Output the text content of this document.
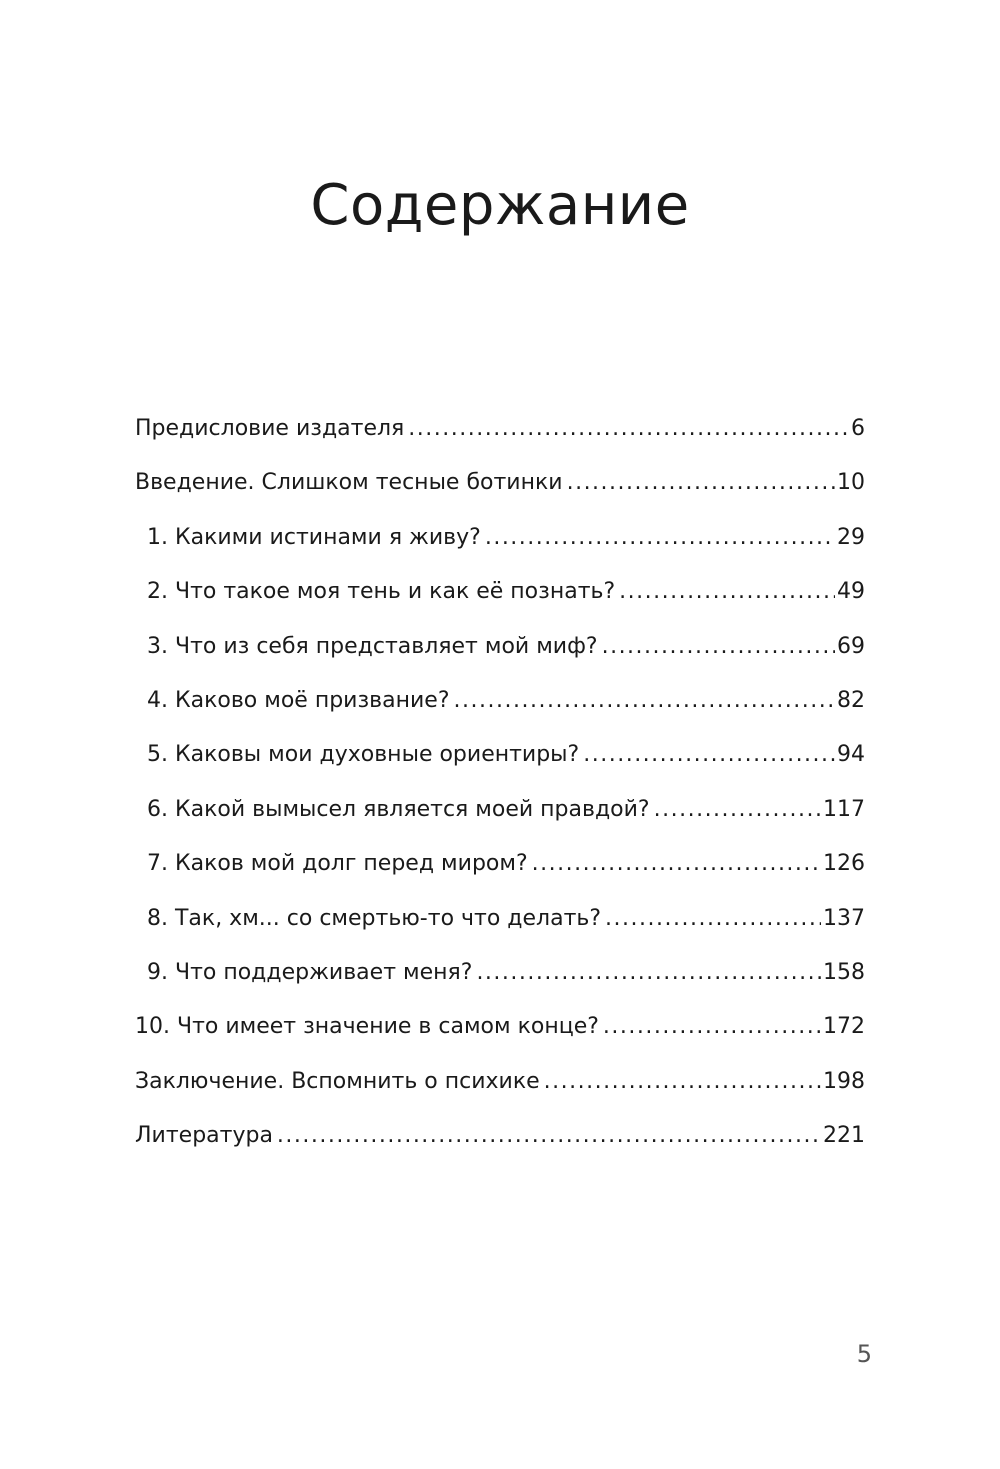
Содержание
Предисловие издателя .....	6
Введение. Слишком тесные ботинки .....	10
1. Какими истинами я живу? .....	29
2. Что такое моя тень и как её познать? .....	49
3. Что из себя представляет мой миф? .....	69
4. Каково моё призвание? .....	82
5. Каковы мои духовные ориентиры? .....	94
6. Какой вымысел является моей правдой? .....	117
7. Каков мой долг перед миром? .....	126
8. Так, хм... со смертью-то что делать? .....	137
9. Что поддерживает меня? .....	158
10. Что имеет значение в самом конце? .....	172
Заключение. Вспомнить о психике .....	198
Литература .....	221
5
